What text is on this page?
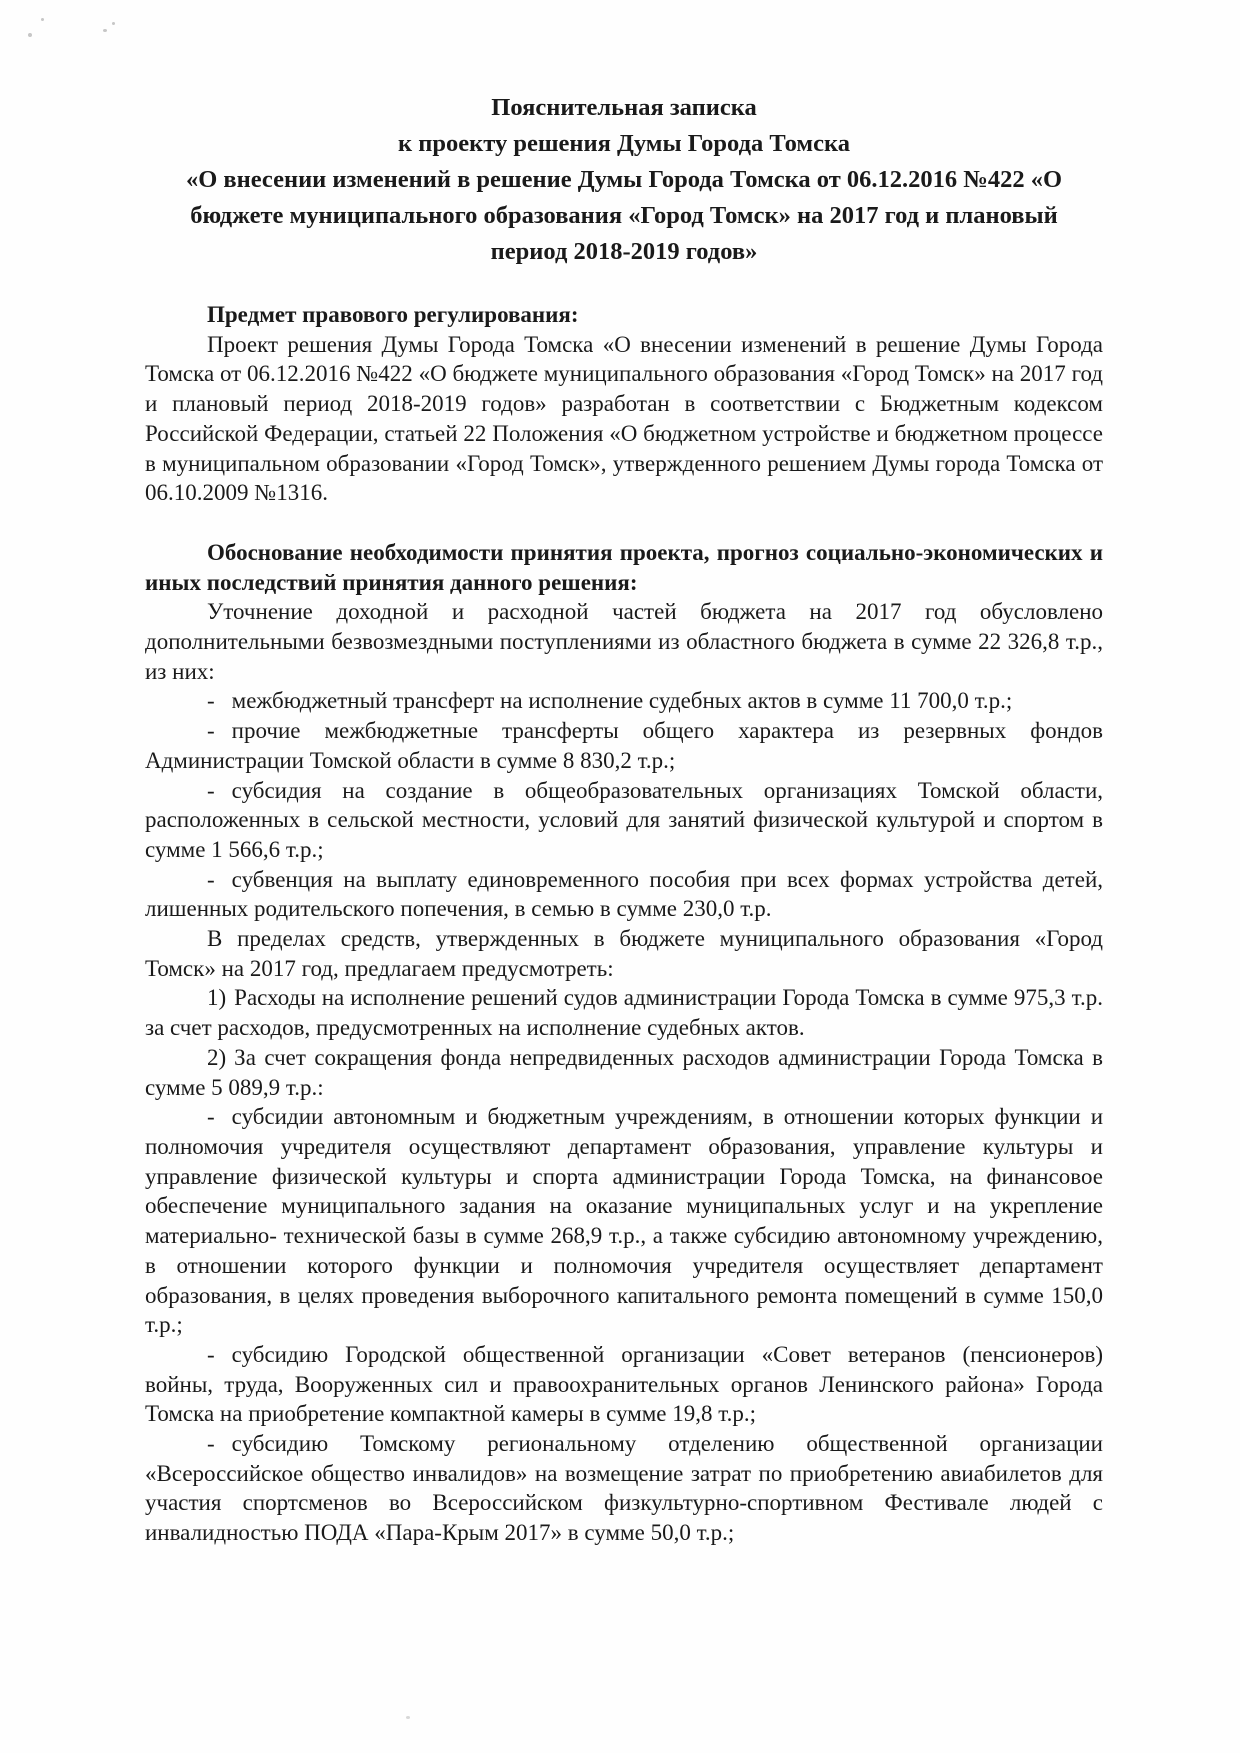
Пояснительная записка
к проекту решения Думы Города Томска
«О внесении изменений в решение Думы Города Томска от 06.12.2016 №422 «О
бюджете муниципального образования «Город Томск» на 2017 год и плановый
период 2018-2019 годов»

Предмет правового регулирования:

Проект решения Думы Города Томска «О внесении изменений в решение Думы Города Томска от 06.12.2016 №422 «О бюджете муниципального образования «Город Томск» на 2017 год и плановый период 2018-2019 годов» разработан в соответствии с Бюджетным кодексом Российской Федерации, статьей 22 Положения «О бюджетном устройстве и бюджетном процессе в муниципальном образовании «Город Томск», утвержденного решением Думы города Томска от 06.10.2009 №1316.

Обоснование необходимости принятия проекта, прогноз социально-экономических и иных последствий принятия данного решения:

Уточнение доходной и расходной частей бюджета на 2017 год обусловлено дополнительными безвозмездными поступлениями из областного бюджета в сумме 22 326,8 т.р., из них:

- межбюджетный трансферт на исполнение судебных актов в сумме 11 700,0 т.р.;

- прочие межбюджетные трансферты общего характера из резервных фондов Администрации Томской области в сумме 8 830,2 т.р.;

- субсидия на создание в общеобразовательных организациях Томской области, расположенных в сельской местности, условий для занятий физической культурой и спортом в сумме 1 566,6 т.р.;

- субвенция на выплату единовременного пособия при всех формах устройства детей, лишенных родительского попечения, в семью в сумме 230,0 т.р.

В пределах средств, утвержденных в бюджете муниципального образования «Город Томск» на 2017 год, предлагаем предусмотреть:

1) Расходы на исполнение решений судов администрации Города Томска в сумме 975,3 т.р. за счет расходов, предусмотренных на исполнение судебных актов.

2) За счет сокращения фонда непредвиденных расходов администрации Города Томска в сумме 5 089,9 т.р.:

- субсидии автономным и бюджетным учреждениям, в отношении которых функции и полномочия учредителя осуществляют департамент образования, управление культуры и управление физической культуры и спорта администрации Города Томска, на финансовое обеспечение муниципального задания на оказание муниципальных услуг и на укрепление материально- технической базы в сумме 268,9 т.р., а также субсидию автономному учреждению, в отношении которого функции и полномочия учредителя осуществляет департамент образования, в целях проведения выборочного капитального ремонта помещений в сумме 150,0 т.р.;

- субсидию Городской общественной организации «Совет ветеранов (пенсионеров) войны, труда, Вооруженных сил и правоохранительных органов Ленинского района» Города Томска на приобретение компактной камеры в сумме 19,8 т.р.;

- субсидию Томскому региональному отделению общественной организации «Всероссийское общество инвалидов» на возмещение затрат по приобретению авиабилетов для участия спортсменов во Всероссийском физкультурно-спортивном Фестивале людей с инвалидностью ПОДА «Пара-Крым 2017» в сумме 50,0 т.р.;
